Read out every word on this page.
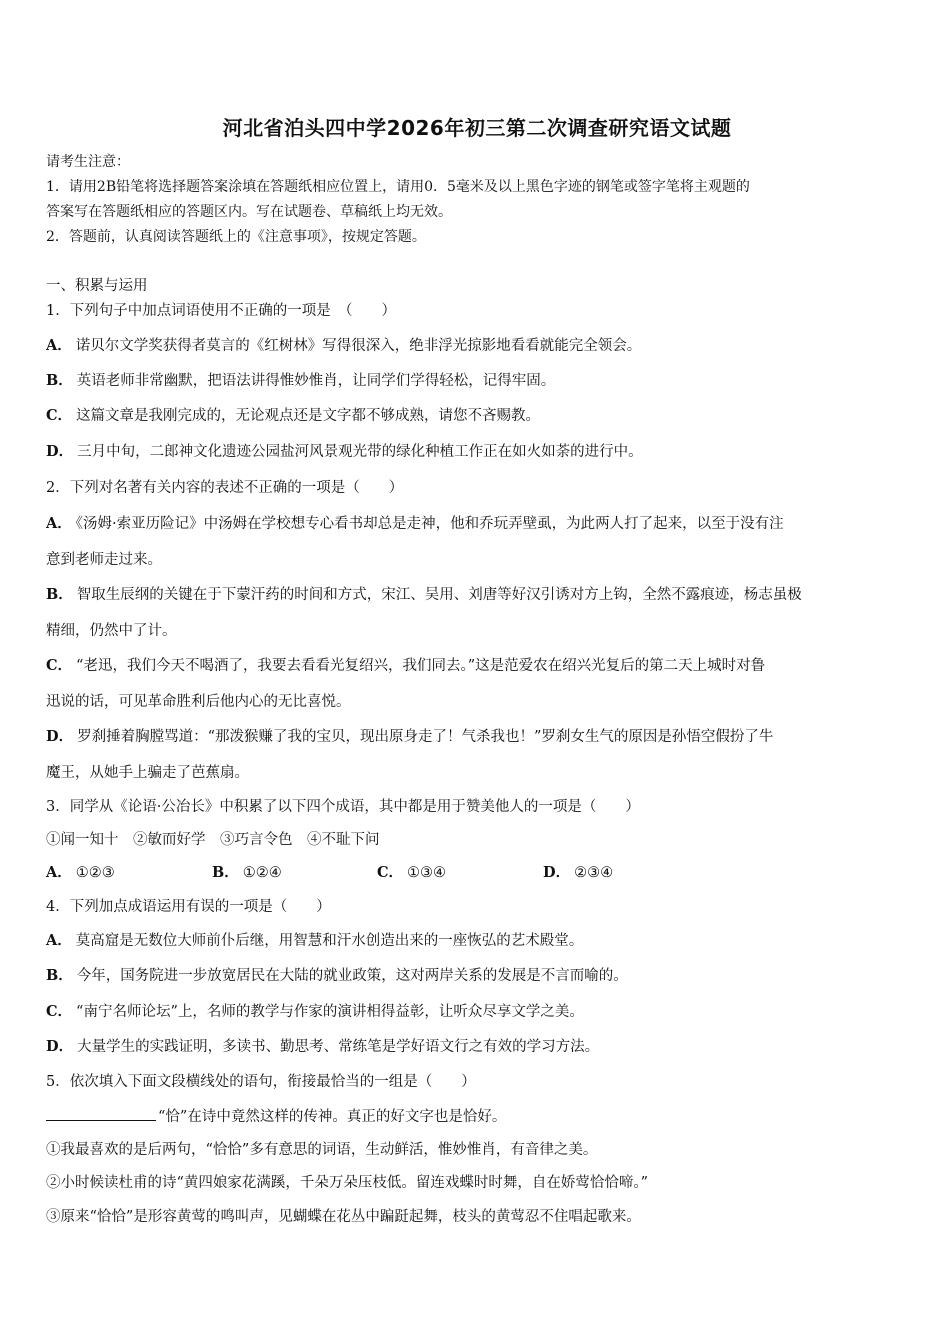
河北省泊头四中学2026年初三第二次调查研究语文试题
请考生注意：
1．请用2B铅笔将选择题答案涂填在答题纸相应位置上，请用0．5毫米及以上黑色字迹的钢笔或签字笔将主观题的
答案写在答题纸相应的答题区内。写在试题卷、草稿纸上均无效。
2．答题前，认真阅读答题纸上的《注意事项》，按规定答题。
一、积累与运用
1．下列句子中加点词语使用不正确的一项是　（　　）
A． 诺贝尔文学奖获得者莫言的《红树林》写得很深入，绝非浮光掠影地看看就能完全领会。
B． 英语老师非常幽默，把语法讲得惟妙惟肖，让同学们学得轻松，记得牢固。
C． 这篇文章是我刚完成的，无论观点还是文字都不够成熟，请您不吝赐教。
D． 三月中旬，二郎神文化遗迹公园盐河风景观光带的绿化种植工作正在如火如荼的进行中。
2．下列对名著有关内容的表述不正确的一项是（　　）
A． 《汤姆·索亚历险记》中汤姆在学校想专心看书却总是走神，他和乔玩弄壁虱，为此两人打了起来，以至于没有注
意到老师走过来。
B． 智取生辰纲的关键在于下蒙汗药的时间和方式，宋江、吴用、刘唐等好汉引诱对方上钩，全然不露痕迹，杨志虽极
精细，仍然中了计。
C． “老迅，我们今天不喝酒了，我要去看看光复绍兴，我们同去。”这是范爱农在绍兴光复后的第二天上城时对鲁
迅说的话，可见革命胜利后他内心的无比喜悦。
D． 罗刹捶着胸膛骂道：“那泼猴赚了我的宝贝，现出原身走了！气杀我也！”罗刹女生气的原因是孙悟空假扮了牛
魔王，从她手上骗走了芭蕉扇。
3．同学从《论语·公冶长》中积累了以下四个成语，其中都是用于赞美他人的一项是（　　）
①闻一知十　②敏而好学　③巧言令色　④不耻下问
A． ①②③	B． ①②④	C． ①③④	D． ②③④
4．下列加点成语运用有误的一项是（　　）
A． 莫高窟是无数位大师前仆后继，用智慧和汗水创造出来的一座恢弘的艺术殿堂。
B． 今年，国务院进一步放宽居民在大陆的就业政策，这对两岸关系的发展是不言而喻的。
C． “南宁名师论坛”上，名师的教学与作家的演讲相得益彰，让听众尽享文学之美。
D． 大量学生的实践证明，多读书、勤思考、常练笔是学好语文行之有效的学习方法。
5．依次填入下面文段横线处的语句，衔接最恰当的一组是（　　）
“恰”在诗中竟然这样的传神。真正的好文字也是恰好。
①我最喜欢的是后两句，“恰恰”多有意思的词语，生动鲜活，惟妙惟肖，有音律之美。
②小时候读杜甫的诗“黄四娘家花满蹊，千朵万朵压枝低。留连戏蝶时时舞，自在娇莺恰恰啼。”
③原来“恰恰”是形容黄莺的鸣叫声，见蝴蝶在花丛中蹁跹起舞，枝头的黄莺忍不住唱起歌来。
